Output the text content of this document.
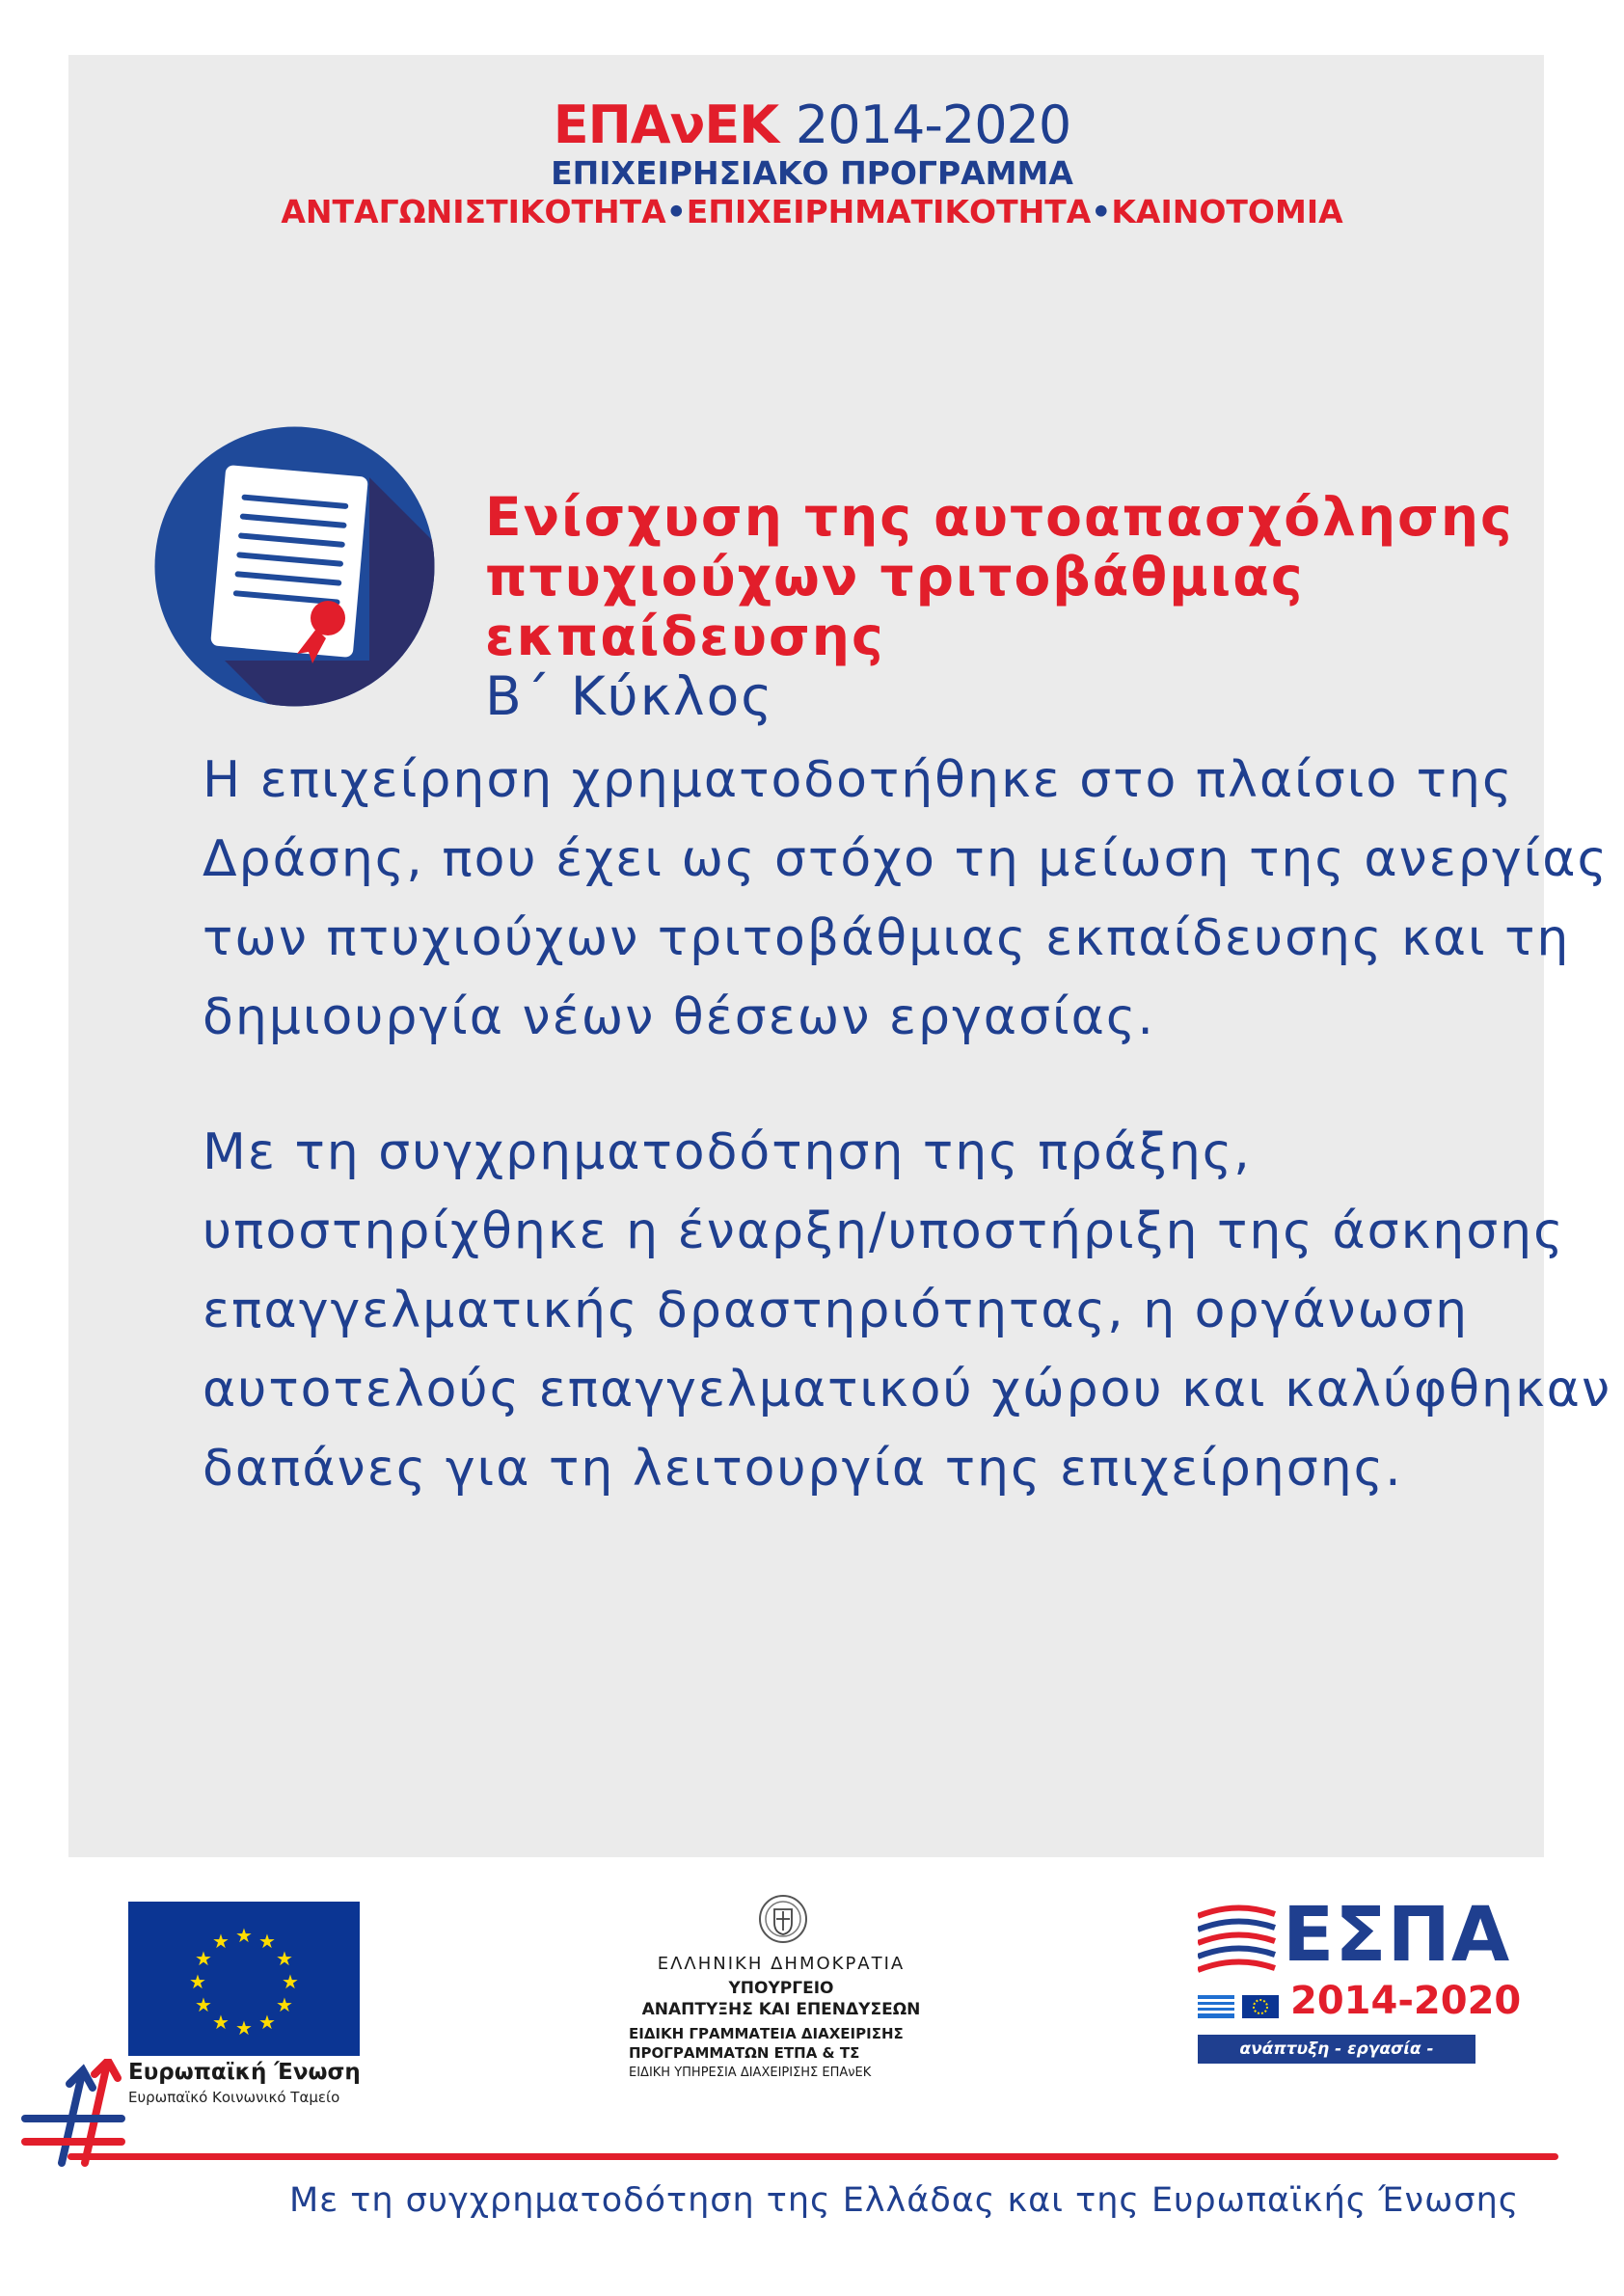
ΕΠΑνΕΚ 2014-2020
ΕΠΙΧΕΙΡΗΣΙΑΚΟ ΠΡΟΓΡΑΜΜΑ
ΑΝΤΑΓΩΝΙΣΤΙΚΟΤΗΤΑ•ΕΠΙΧΕΙΡΗΜΑΤΙΚΟΤΗΤΑ•ΚΑΙΝΟΤΟΜΙΑ
Ενίσχυση της αυτοαπασχόλησης
πτυχιούχων τριτοβάθμιας
εκπαίδευσης
Β΄ Κύκλος
Η επιχείρηση χρηματοδοτήθηκε στο πλαίσιο της
Δράσης, που έχει ως στόχο τη μείωση της ανεργίας
των πτυχιούχων τριτοβάθμιας εκπαίδευσης και τη
δημιουργία νέων θέσεων εργασίας.
Με τη συγχρηματοδότηση της πράξης,
υποστηρίχθηκε η έναρξη/υποστήριξη της άσκησης
επαγγελματικής δραστηριότητας, η οργάνωση
αυτοτελούς επαγγελματικού χώρου και καλύφθηκαν
δαπάνες για τη λειτουργία της επιχείρησης.
★ ★
★
★
★
★
★
★
★
★
★
★
Ευρωπαϊκή Ένωση
Ευρωπαϊκό Κοινωνικό Ταμείο
ΕΛΛΗΝΙΚΗ ΔΗΜΟΚΡΑΤΙΑ
ΥΠΟΥΡΓΕΙΟ
ΑΝΑΠΤΥΞΗΣ ΚΑΙ ΕΠΕΝΔΥΣΕΩΝ
ΕΙΔΙΚΗ ΓΡΑΜΜΑΤΕΙΑ ΔΙΑΧΕΙΡΙΣΗΣ
ΠΡΟΓΡΑΜΜΑΤΩΝ ΕΤΠΑ & ΤΣ
ΕΙΔΙΚΗ ΥΠΗΡΕΣΙΑ ΔΙΑΧΕΙΡΙΣΗΣ ΕΠΑνΕΚ
ΕΣΠΑ
2014-2020
ανάπτυξη - εργασία - αλληλεγγύη
Με τη συγχρηματοδότηση της Ελλάδας και της Ευρωπαϊκής Ένωσης
